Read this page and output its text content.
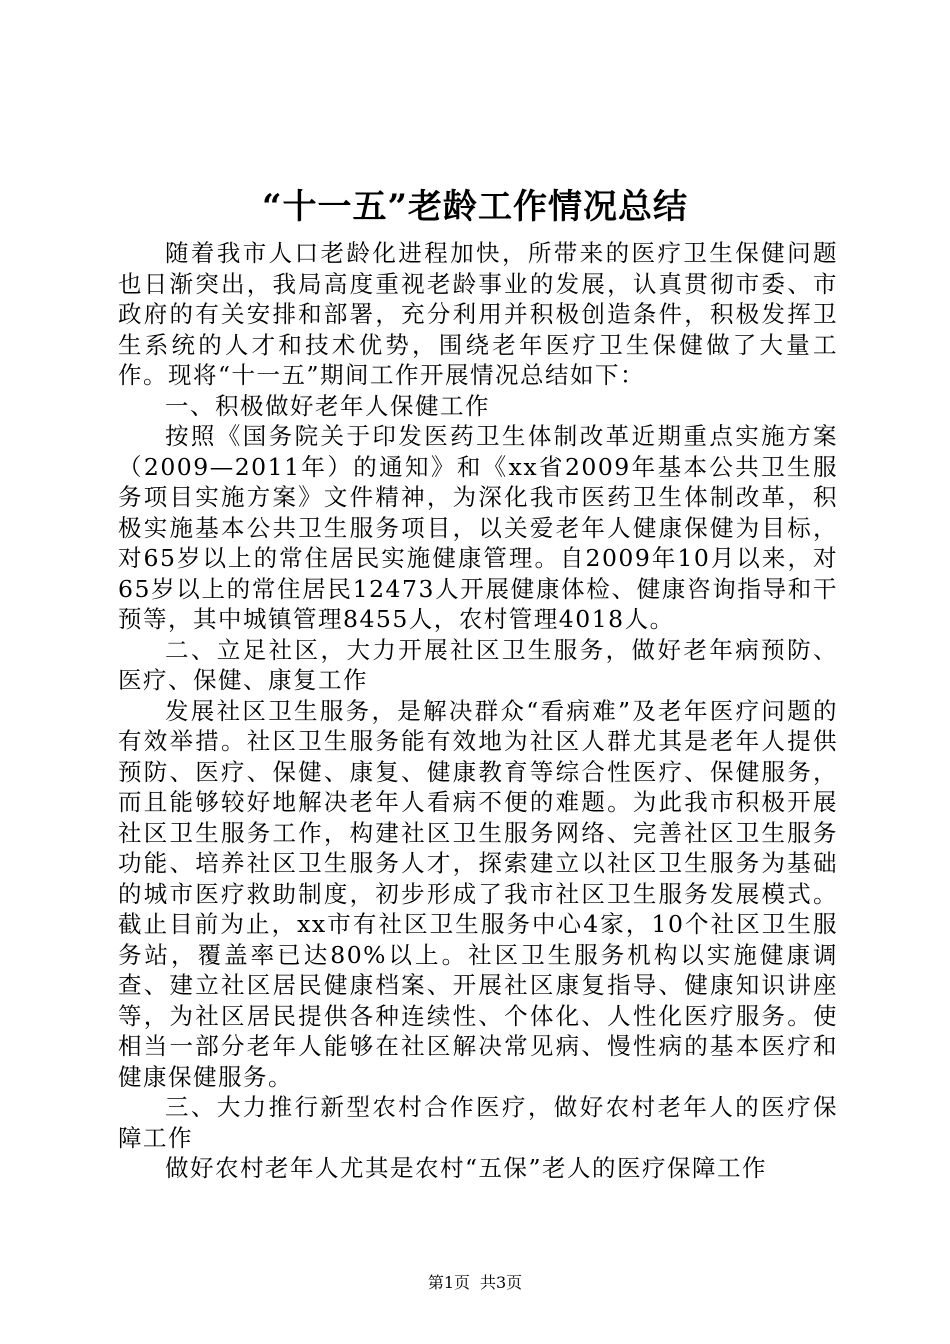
“十一五”老龄工作情况总结

随着我市人口老龄化进程加快，所带来的医疗卫生保健问题也日渐突出，我局高度重视老龄事业的发展，认真贯彻市委、市政府的有关安排和部署，充分利用并积极创造条件，积极发挥卫生系统的人才和技术优势，围绕老年医疗卫生保健做了大量工作。现将“十一五”期间工作开展情况总结如下：

一、积极做好老年人保健工作

按照《国务院关于印发医药卫生体制改革近期重点实施方案（2009—2011年）的通知》和《xx省2009年基本公共卫生服务项目实施方案》文件精神，为深化我市医药卫生体制改革，积极实施基本公共卫生服务项目，以关爱老年人健康保健为目标，对65岁以上的常住居民实施健康管理。自2009年10月以来，对65岁以上的常住居民12473人开展健康体检、健康咨询指导和干预等，其中城镇管理8455人，农村管理4018人。

二、立足社区，大力开展社区卫生服务，做好老年病预防、医疗、保健、康复工作

发展社区卫生服务，是解决群众“看病难”及老年医疗问题的有效举措。社区卫生服务能有效地为社区人群尤其是老年人提供预防、医疗、保健、康复、健康教育等综合性医疗、保健服务，而且能够较好地解决老年人看病不便的难题。为此我市积极开展社区卫生服务工作，构建社区卫生服务网络、完善社区卫生服务功能、培养社区卫生服务人才，探索建立以社区卫生服务为基础的城市医疗救助制度，初步形成了我市社区卫生服务发展模式。截止目前为止，xx市有社区卫生服务中心4家，10个社区卫生服务站，覆盖率已达80%以上。社区卫生服务机构以实施健康调查、建立社区居民健康档案、开展社区康复指导、健康知识讲座等，为社区居民提供各种连续性、个体化、人性化医疗服务。使相当一部分老年人能够在社区解决常见病、慢性病的基本医疗和健康保健服务。

三、大力推行新型农村合作医疗，做好农村老年人的医疗保障工作

做好农村老年人尤其是农村“五保”老人的医疗保障工作

第1页 共3页
